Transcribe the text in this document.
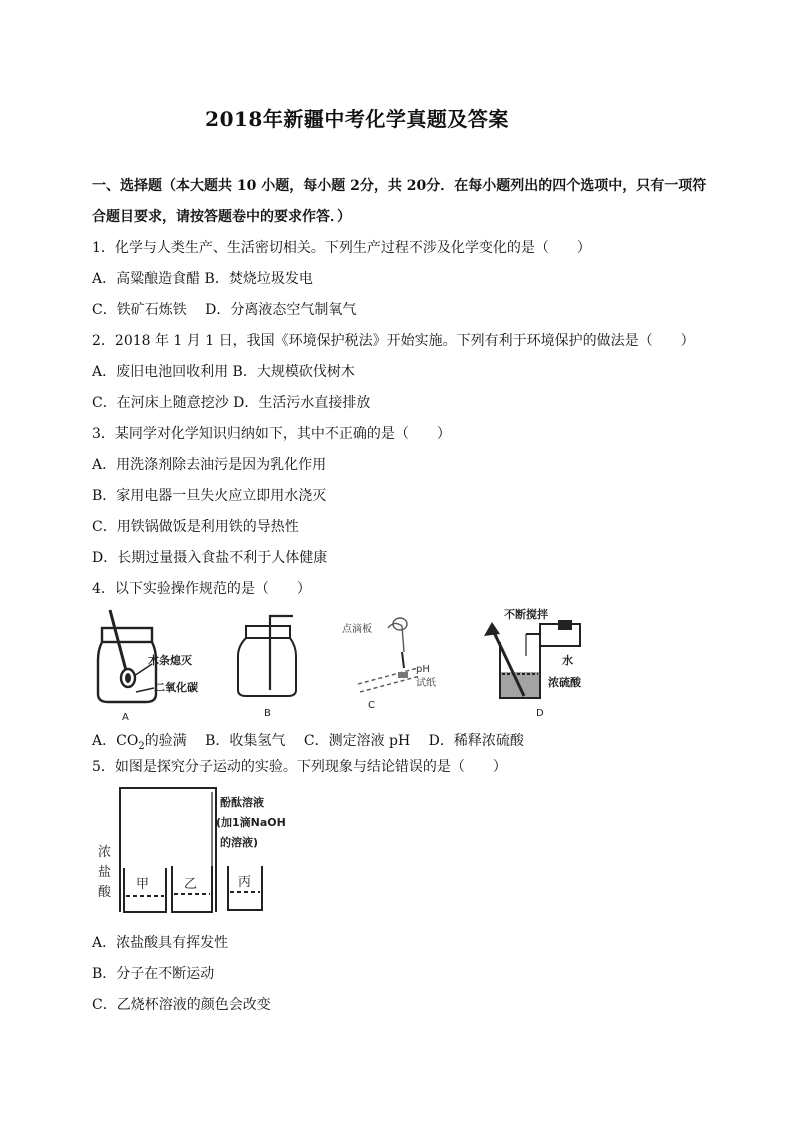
2018年新疆中考化学真题及答案
一、选择题（本大题共 10 小题，每小题 2分，共 20分．在每小题列出的四个选项中，只有一项符
合题目要求，请按答题卷中的要求作答．）
1．化学与人类生产、生活密切相关。下列生产过程不涉及化学变化的是（　　）
A．高粱酿造食醋 B．焚烧垃圾发电
C．铁矿石炼铁　 D．分离液态空气制氧气
2．2018 年 1 月 1 日，我国《环境保护税法》开始实施。下列有利于环境保护的做法是（　　）
A．废旧电池回收利用 B．大规模砍伐树木
C．在河床上随意挖沙 D．生活污水直接排放
3．某同学对化学知识归纳如下，其中不正确的是（　　）
A．用洗涤剂除去油污是因为乳化作用
B．家用电器一旦失火应立即用水浇灭
C．用铁锅做饭是利用铁的导热性
D．长期过量摄入食盐不利于人体健康
4．以下实验操作规范的是（　　）
木条熄灭
二氧化碳
A	B
点滴板
pH
试纸
C
不断搅拌
水
浓硫酸
D
A．$CO_2$的验满　 B．收集氢气　 C．测定溶液 pH　 D．稀释浓硫酸
5．如图是探究分子运动的实验。下列现象与结论错误的是（　　）
酚酞溶液
(加1滴NaOH
的溶液)
浓
盐
酸
甲	乙	丙
A．浓盐酸具有挥发性
B．分子在不断运动
C．乙烧杯溶液的颜色会改变
